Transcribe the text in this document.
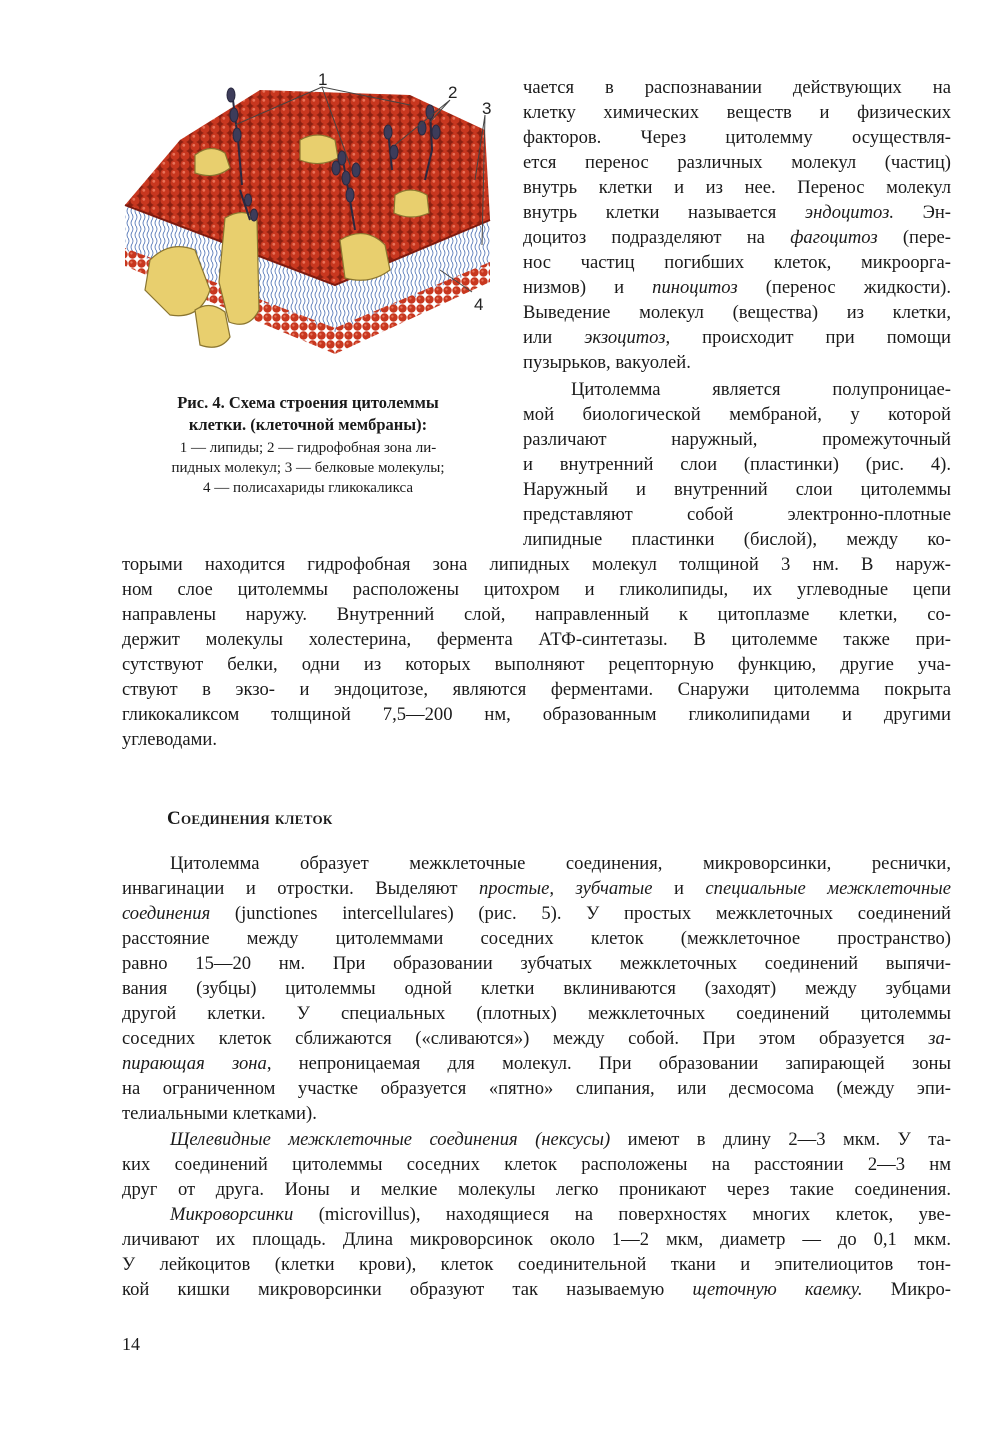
1
2
3
4
Рис. 4. Схема строения цитолеммы
клетки. (клеточной мембраны):
1 — липиды; 2 — гидрофобная зона ли-
пидных молекул; 3 — белковые молекулы;
4 — полисахариды гликокаликса
чается в распознавании действующих на
клетку химических веществ и физических
факторов. Через цитолемму осуществля-
ется перенос различных молекул (частиц)
внутрь клетки и из нее. Перенос молекул
внутрь клетки называется эндоцитоз. Эн-
доцитоз подразделяют на фагоцитоз (пере-
нос частиц погибших клеток, микроорга-
низмов) и пиноцитоз (перенос жидкости).
Выведение молекул (вещества) из клетки,
или экзоцитоз, происходит при помощи
пузырьков, вакуолей.
Цитолемма является полупроницае-
мой биологической мембраной, у которой
различают наружный, промежуточный
и внутренний слои (пластинки) (рис. 4).
Наружный и внутренний слои цитолеммы
представляют собой электронно-плотные
липидные пластинки (бислой), между ко-
торыми находится гидрофобная зона липидных молекул толщиной 3 нм. В наруж-
ном слое цитолеммы расположены цитохром и гликолипиды, их углеводные цепи
направлены наружу. Внутренний слой, направленный к цитоплазме клетки, со-
держит молекулы холестерина, фермента АТФ-синтетазы. В цитолемме также при-
сутствуют белки, одни из которых выполняют рецепторную функцию, другие уча-
ствуют в экзо- и эндоцитозе, являются ферментами. Снаружи цитолемма покрыта
гликокаликсом толщиной 7,5—200 нм, образованным гликолипидами и другими
углеводами.
Соединения клеток
Цитолемма образует межклеточные соединения, микроворсинки, реснички,
инвагинации и отростки. Выделяют простые, зубчатые и специальные межклеточные
соединения (junctiones intercellulares) (рис. 5). У простых межклеточных соединений
расстояние между цитолеммами соседних клеток (межклеточное пространство)
равно 15—20 нм. При образовании зубчатых межклеточных соединений выпячи-
вания (зубцы) цитолеммы одной клетки вклиниваются (заходят) между зубцами
другой клетки. У специальных (плотных) межклеточных соединений цитолеммы
соседних клеток сближаются («сливаются») между собой. При этом образуется за-
пирающая зона, непроницаемая для молекул. При образовании запирающей зоны
на ограниченном участке образуется «пятно» слипания, или десмосома (между эпи-
телиальными клетками).
Щелевидные межклеточные соединения (нексусы) имеют в длину 2—3 мкм. У та-
ких соединений цитолеммы соседних клеток расположены на расстоянии 2—3 нм
друг от друга. Ионы и мелкие молекулы легко проникают через такие соединения.
Микроворсинки (microvillus), находящиеся на поверхностях многих клеток, уве-
личивают их площадь. Длина микроворсинок около 1—2 мкм, диаметр — до 0,1 мкм.
У лейкоцитов (клетки крови), клеток соединительной ткани и эпителиоцитов тон-
кой кишки микроворсинки образуют так называемую щеточную каемку. Микро-
14
